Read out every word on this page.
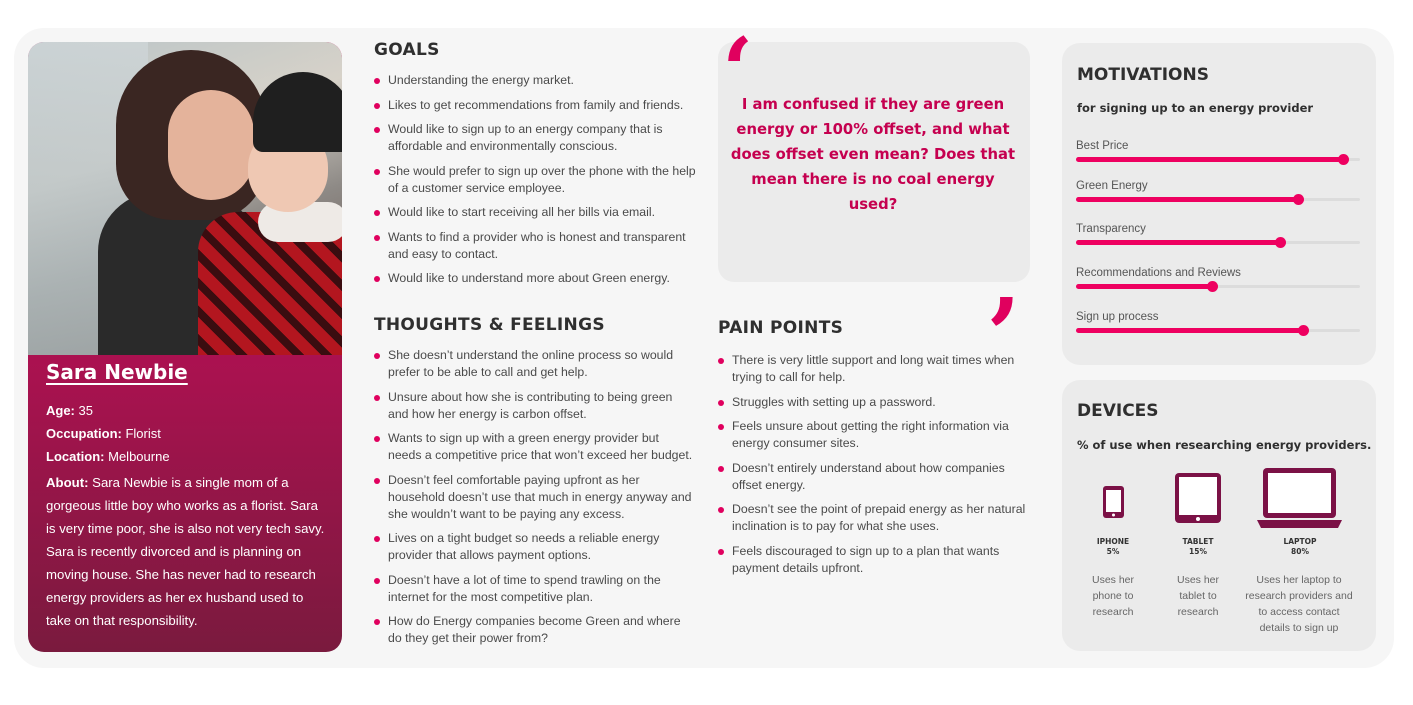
Sara Newbie

Age: 35

Occupation: Florist

Location: Melbourne

About: Sara Newbie is a single mom of a gorgeous little boy who works as a florist. Sara is very time poor, she is also not very tech savy. Sara is recently divorced and is planning on moving house. She has never had to research energy providers as her ex husband used to take on that responsibility.

GOALS
Understanding the energy market.
Likes to get recommendations from family and friends.
Would like to sign up to an energy company that is affordable and environmentally conscious.
She would prefer to sign up over the phone with the help of a customer service employee.
Would like to start receiving all her bills via email.
Wants to find a provider who is honest and transparent and easy to contact.
Would like to understand more about Green energy.
THOUGHTS & FEELINGS
She doesn’t understand the online process so would prefer to be able to call and get help.
Unsure about how she is contributing to being green and how her energy is carbon offset.
Wants to sign up with a green energy provider but needs a competitive price that won’t exceed her budget.
Doesn’t feel comfortable paying upfront as her household doesn’t use that much in energy anyway and she wouldn’t want to be paying any excess.
Lives on a tight budget so needs a reliable energy provider that allows payment options.
Doesn’t have a lot of time to spend trawling on the internet for the most competitive plan.
How do Energy companies become Green and where do they get their power from?
‘

I am confused if they are green energy or 100% offset, and what does offset even mean? Does that mean there is no coal energy used?

,
PAIN POINTS
There is very little support and long wait times when trying to call for help.
Struggles with setting up a password.
Feels unsure about getting the right information via energy consumer sites.
Doesn’t entirely understand about how companies offset energy.
Doesn’t see the point of prepaid energy as her natural inclination is to pay for what she uses.
Feels discouraged to sign up to a plan that wants payment details upfront.
MOTIVATIONS

for signing up to an energy provider

Best Price
Green Energy
Transparency
Recommendations and Reviews
Sign up process
DEVICES

% of use when researching energy providers.

IPHONE
5%
TABLET
15%
LAPTOP
80%
Uses her phone to research
Uses her tablet to research
Uses her laptop to research providers and to access contact details to sign up
